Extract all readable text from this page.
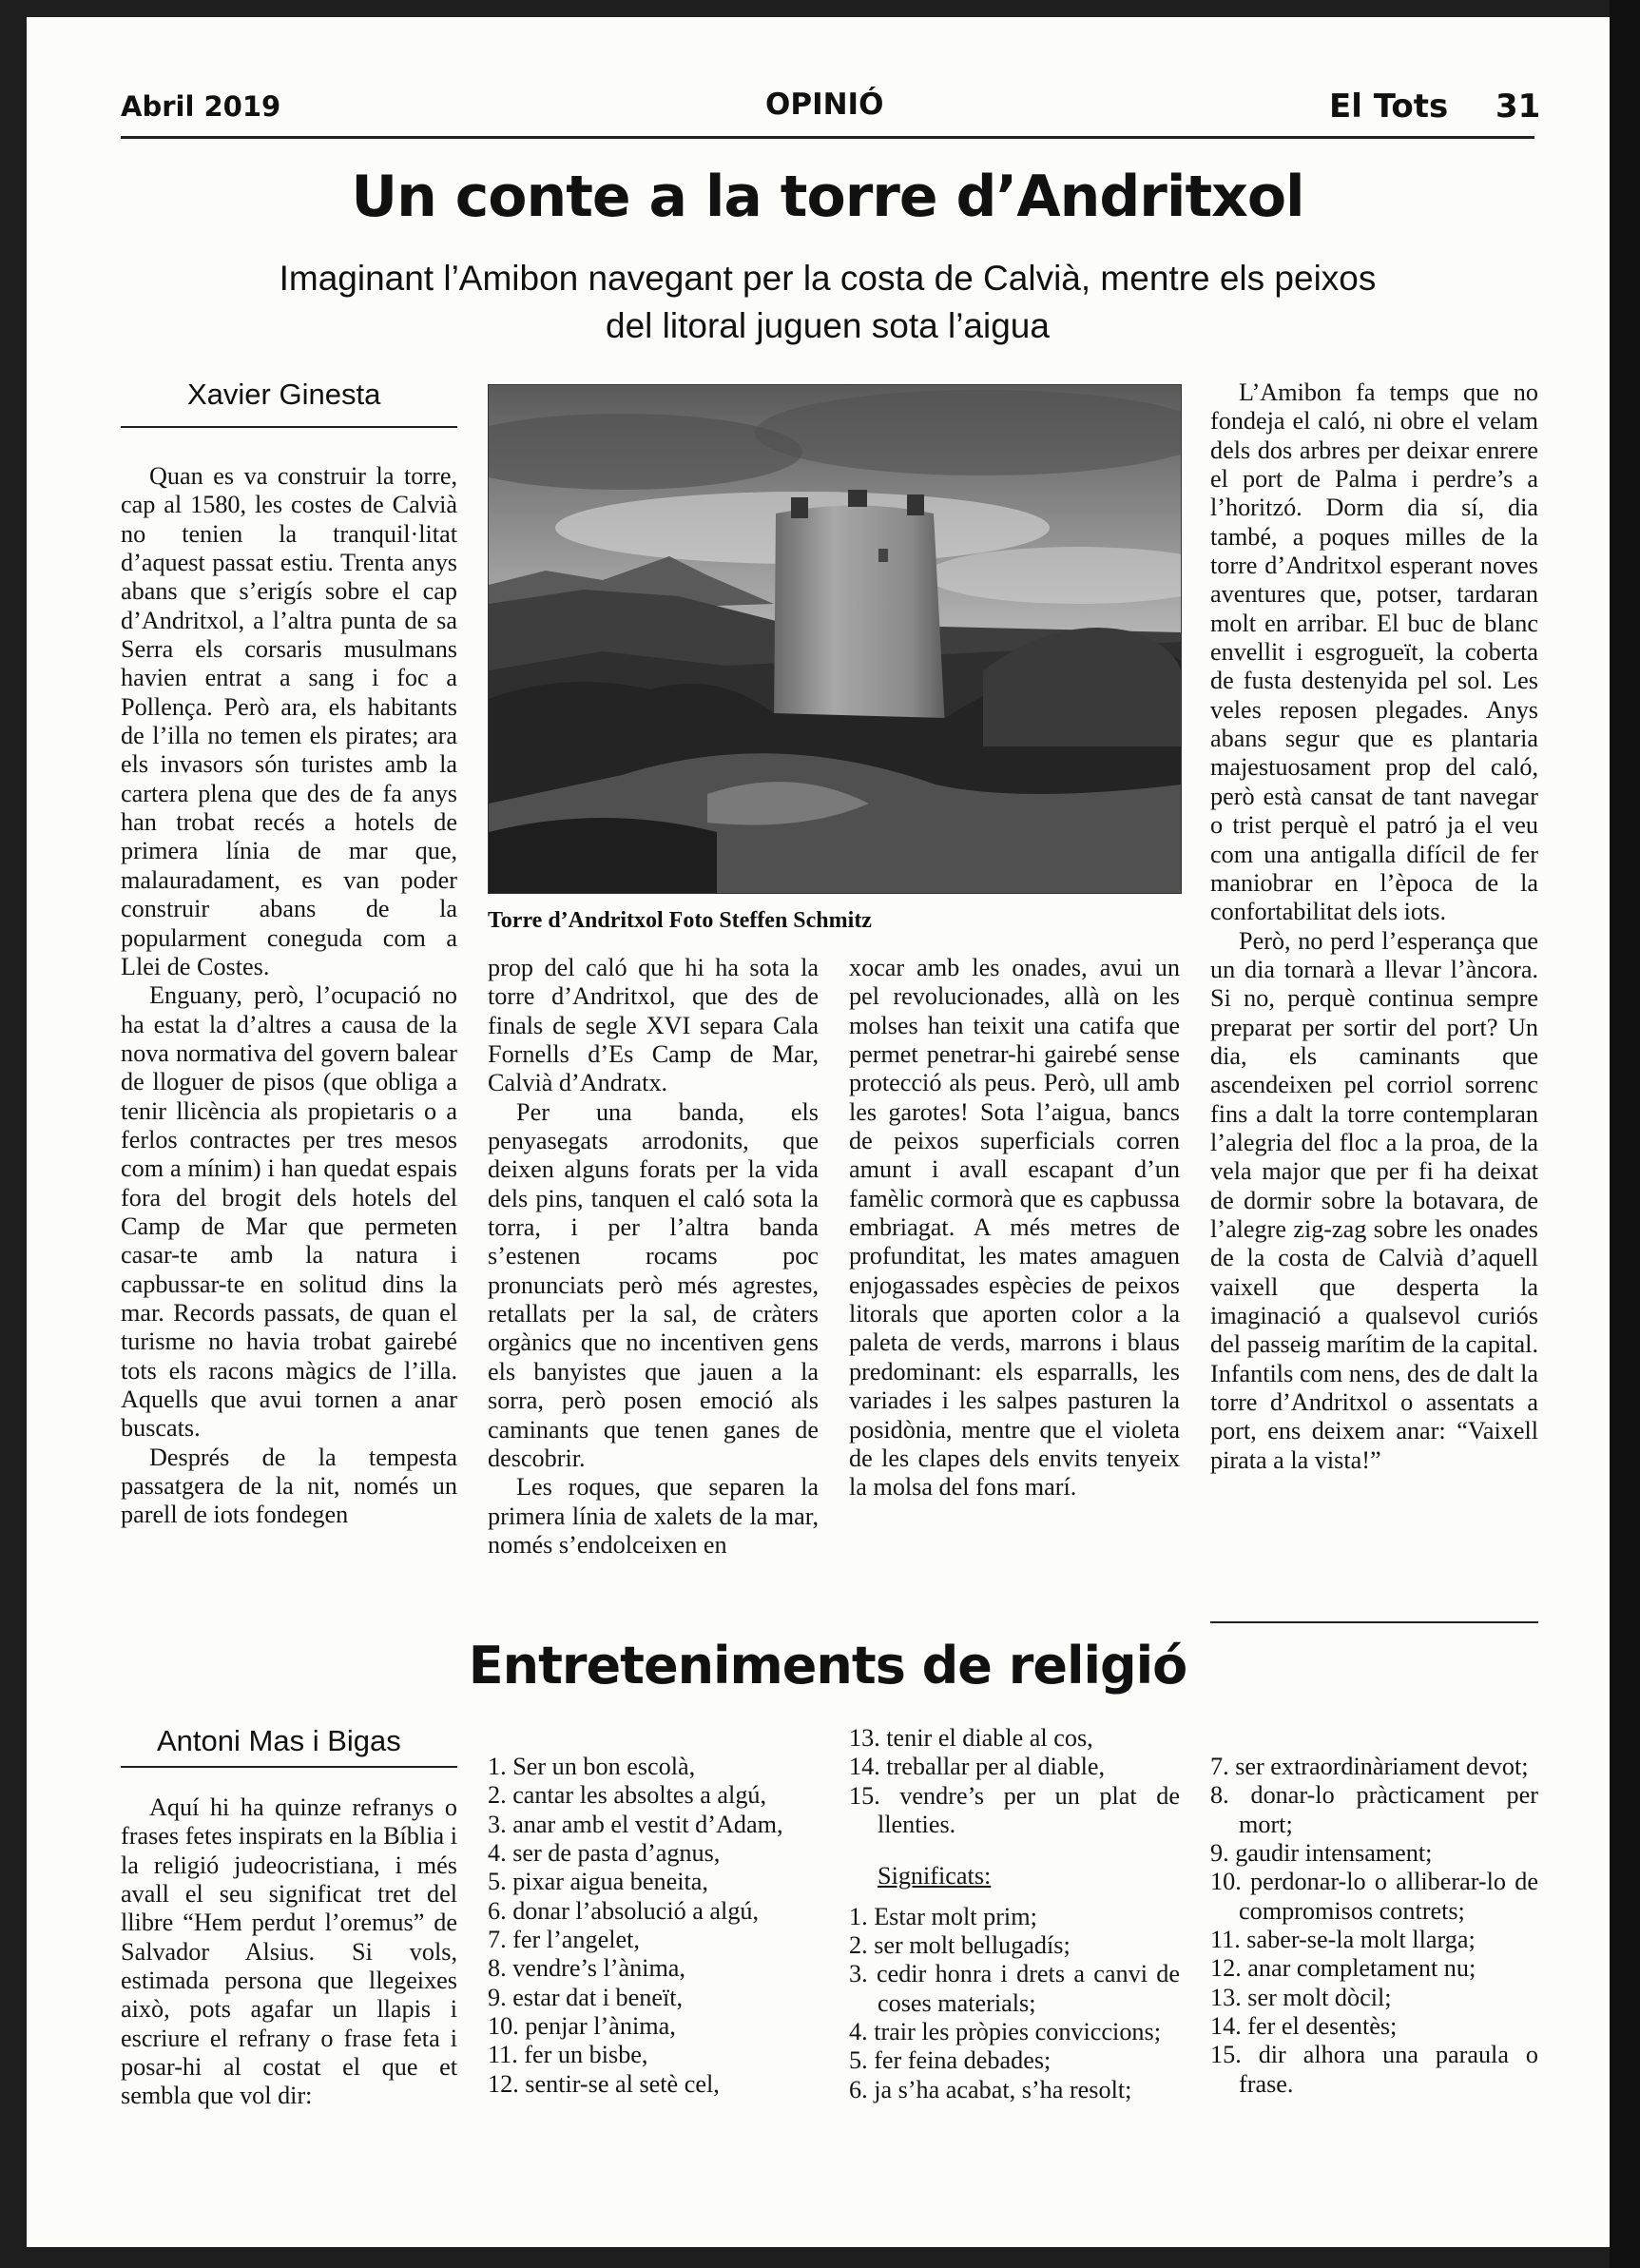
Abril 2019	OPINIÓ	El Tots 31
Un conte a la torre d’Andritxol
Imaginant l’Amibon navegant per la costa de Calvià, mentre els peixos
del litoral juguen sota l’aigua
Xavier Ginesta
Torre d’Andritxol Foto Steffen Schmitz

Quan es va construir la torre, cap al 1580, les costes de Calvià no tenien la tranquil·litat d’aquest passat estiu. Trenta anys abans que s’erigís sobre el cap d’Andritxol, a l’altra punta de sa Serra els corsaris musulmans havien entrat a sang i foc a Pollença. Però ara, els habitants de l’illa no temen els pirates; ara els invasors són turistes amb la cartera plena que des de fa anys han trobat recés a hotels de primera línia de mar que, malauradament, es van poder construir abans de la popularment coneguda com a Llei de Costes.

Enguany, però, l’ocupació no ha estat la d’altres a causa de la nova normativa del govern balear de lloguer de pisos (que obliga a tenir llicència als propietaris o a ferlos contractes per tres mesos com a mínim) i han quedat espais fora del brogit dels hotels del Camp de Mar que permeten casar-te amb la natura i capbussar-te en solitud dins la mar. Records passats, de quan el turisme no havia trobat gairebé tots els racons màgics de l’illa. Aquells que avui tornen a anar buscats.

Després de la tempesta passatgera de la nit, només un parell de iots fondegen

prop del caló que hi ha sota la torre d’Andritxol, que des de finals de segle XVI separa Cala Fornells d’Es Camp de Mar, Calvià d’Andratx.

Per una banda, els penyasegats arrodonits, que deixen alguns forats per la vida dels pins, tanquen el caló sota la torra, i per l’altra banda s’estenen rocams poc pronunciats però més agrestes, retallats per la sal, de cràters orgànics que no incentiven gens els banyistes que jauen a la sorra, però posen emoció als caminants que tenen ganes de descobrir.

Les roques, que separen la primera línia de xalets de la mar, només s’endolceixen en

xocar amb les onades, avui un pel revolucionades, allà on les molses han teixit una catifa que permet penetrar-hi gairebé sense protecció als peus. Però, ull amb les garotes! Sota l’aigua, bancs de peixos superficials corren amunt i avall escapant d’un famèlic cormorà que es capbussa embriagat. A més metres de profunditat, les mates amaguen enjogassades espècies de peixos litorals que aporten color a la paleta de verds, marrons i blaus predominant: els esparralls, les variades i les salpes pasturen la posidònia, mentre que el violeta de les clapes dels envits tenyeix la molsa del fons marí.

L’Amibon fa temps que no fondeja el caló, ni obre el velam dels dos arbres per deixar enrere el port de Palma i perdre’s a l’horitzó. Dorm dia sí, dia també, a poques milles de la torre d’Andritxol esperant noves aventures que, potser, tardaran molt en arribar. El buc de blanc envellit i esgrogueït, la coberta de fusta destenyida pel sol. Les veles reposen plegades. Anys abans segur que es plantaria majestuosament prop del caló, però està cansat de tant navegar o trist perquè el patró ja el veu com una antigalla difícil de fer maniobrar en l’època de la confortabilitat dels iots.

Però, no perd l’esperança que un dia tornarà a llevar l’àncora. Si no, perquè continua sempre preparat per sortir del port? Un dia, els caminants que ascendeixen pel corriol sorrenc fins a dalt la torre contemplaran l’alegria del floc a la proa, de la vela major que per fi ha deixat de dormir sobre la botavara, de l’alegre zig-zag sobre les onades de la costa de Calvià d’aquell vaixell que desperta la imaginació a qualsevol curiós del passeig marítim de la capital. Infantils com nens, des de dalt la torre d’Andritxol o assentats a port, ens deixem anar: “Vaixell pirata a la vista!”

Entreteniments de religió
Antoni Mas i Bigas

Aquí hi ha quinze refranys o frases fetes inspirats en la Bíblia i la religió judeocristiana, i més avall el seu significat tret del llibre “Hem perdut l’oremus” de Salvador Alsius. Si vols, estimada persona que llegeixes això, pots agafar un llapis i escriure el refrany o frase feta i posar-hi al costat el que et sembla que vol dir:

1. Ser un bon escolà,
2. cantar les absoltes a algú,
3. anar amb el vestit d’Adam,
4. ser de pasta d’agnus,
5. pixar aigua beneita,
6. donar l’absolució a algú,
7. fer l’angelet,
8. vendre’s l’ànima,
9. estar dat i beneït,
10. penjar l’ànima,
11. fer un bisbe,
12. sentir-se al setè cel,
13. tenir el diable al cos,
14. treballar per al diable,
15. vendre’s per un plat de llenties.
Significats:
1. Estar molt prim;
2. ser molt bellugadís;
3. cedir honra i drets a canvi de coses materials;
4. trair les pròpies conviccions;
5. fer feina debades;
6. ja s’ha acabat, s’ha resolt;
7. ser extraordinàriament devot;
8. donar-lo pràcticament per mort;
9. gaudir intensament;
10. perdonar-lo o alliberar-lo de compromisos contrets;
11. saber-se-la molt llarga;
12. anar completament nu;
13. ser molt dòcil;
14. fer el desentès;
15. dir alhora una paraula o frase.
